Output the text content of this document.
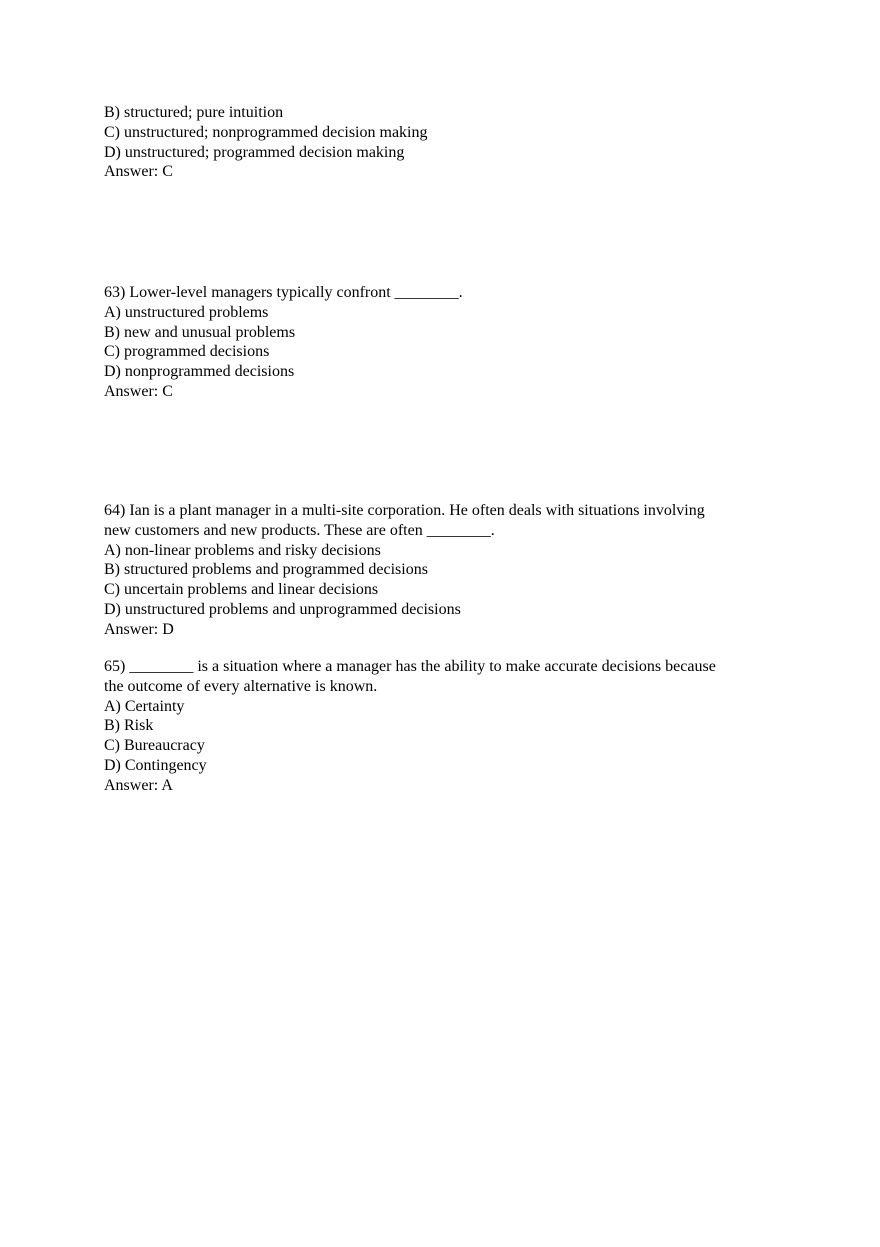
B) structured; pure intuition
C) unstructured; nonprogrammed decision making
D) unstructured; programmed decision making
Answer: C
63) Lower-level managers typically confront ________.
A) unstructured problems
B) new and unusual problems
C) programmed decisions
D) nonprogrammed decisions
Answer: C
64) Ian is a plant manager in a multi-site corporation. He often deals with situations involving
new customers and new products. These are often ________.
A) non-linear problems and risky decisions
B) structured problems and programmed decisions
C) uncertain problems and linear decisions
D) unstructured problems and unprogrammed decisions
Answer: D
65) ________ is a situation where a manager has the ability to make accurate decisions because
the outcome of every alternative is known.
A) Certainty
B) Risk
C) Bureaucracy
D) Contingency
Answer: A
